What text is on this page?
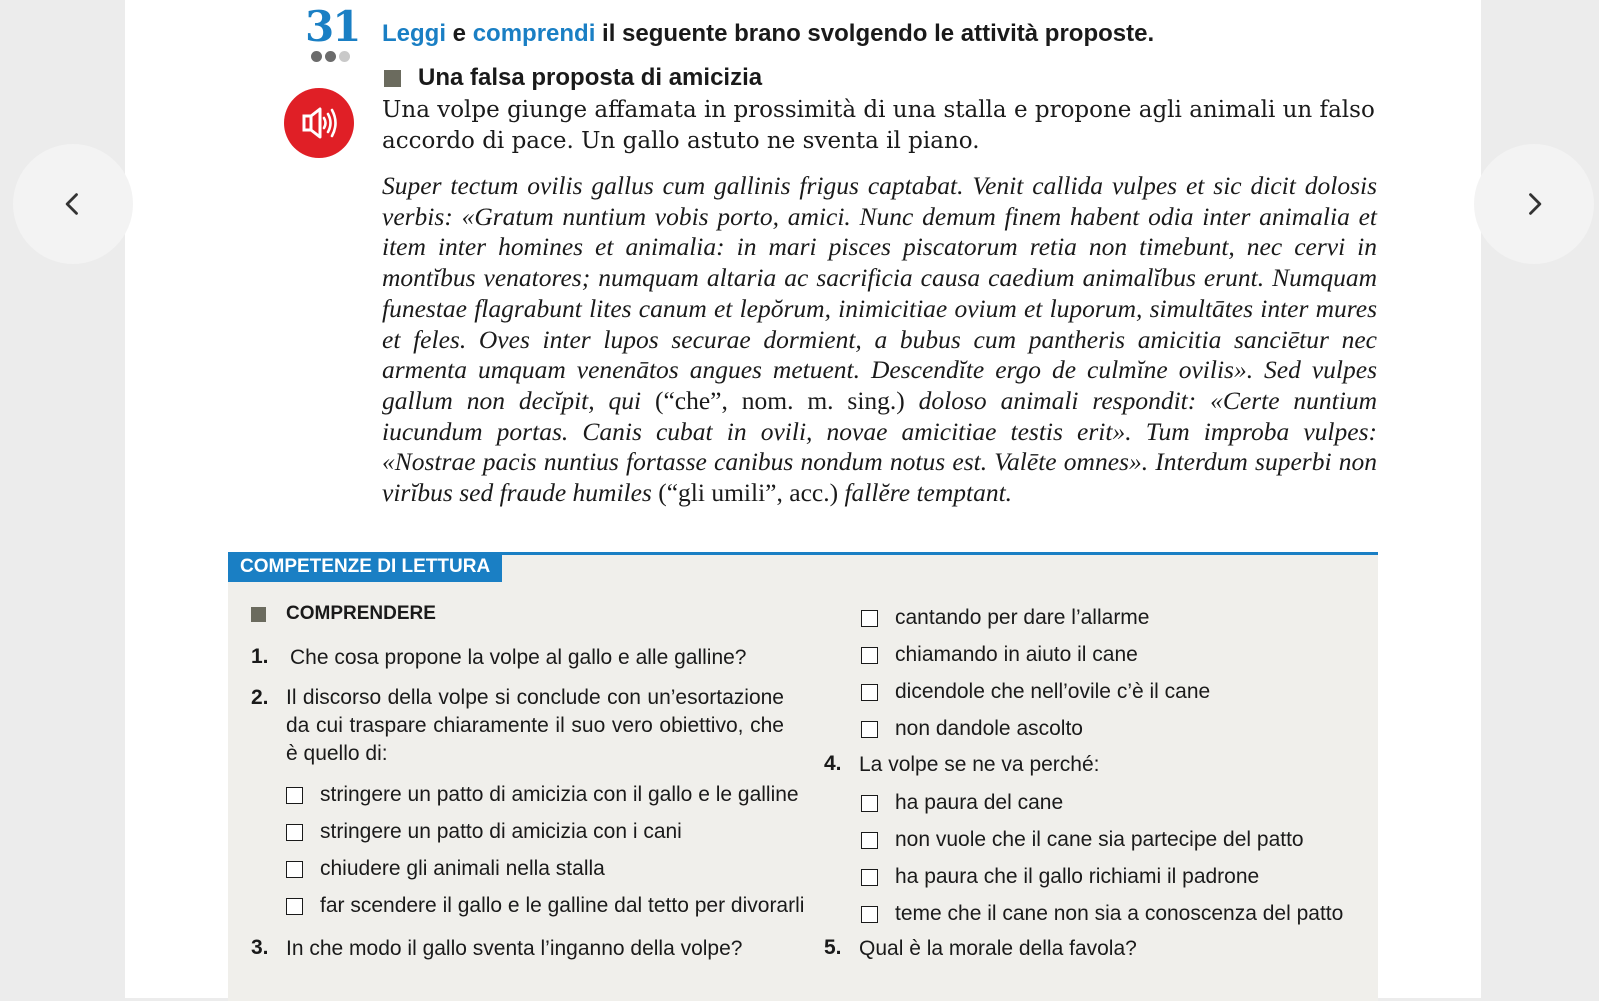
31 Leggi e comprendi il seguente brano svolgendo le attività proposte.
Una falsa proposta di amicizia
Una volpe giunge affamata in prossimità di una stalla e propone agli animali un falso accordo di pace. Un gallo astuto ne sventa il piano.
Super tectum ovilis gallus cum gallinis frigus captabat. Venit callida vulpes et sic dicit dolosis verbis: «Gratum nuntium vobis porto, amici. Nunc demum finem habent odia inter animalia et item inter homines et animalia: in mari pisces piscatorum retia non timebunt, nec cervi in montĭbus venatores; numquam altaria ac sacrificia causa caedium animalĭbus erunt. Numquam funestae flagrabunt lites canum et lepŏrum, inimicitiae ovium et luporum, simultātes inter mures et feles. Oves inter lupos securae dormient, a bubus cum pantheris amicitia sanciētur nec armenta umquam venenātos angues metuent. Descendĭte ergo de culmĭne ovilis». Sed vulpes gallum non decĭpit, qui (“che”, nom. m. sing.) doloso animali respondit: «Certe nuntium iucundum portas. Canis cubat in ovili, novae amicitiae testis erit». Tum improba vulpes: «Nostrae pacis nuntius fortasse canibus nondum notus est. Valēte omnes». Interdum superbi non virĭbus sed fraude humiles (“gli umili”, acc.) fallĕre temptant.
COMPETENZE DI LETTURA
COMPRENDERE
1. Che cosa propone la volpe al gallo e alle galline?
2. Il discorso della volpe si conclude con un’esortazione da cui traspare chiaramente il suo vero obiettivo, che è quello di:
stringere un patto di amicizia con il gallo e le galline
stringere un patto di amicizia con i cani
chiudere gli animali nella stalla
far scendere il gallo e le galline dal tetto per divorarli
3. In che modo il gallo sventa l’inganno della volpe?
cantando per dare l’allarme
chiamando in aiuto il cane
dicendole che nell’ovile c’è il cane
non dandole ascolto
4. La volpe se ne va perché:
ha paura del cane
non vuole che il cane sia partecipe del patto
ha paura che il gallo richiami il padrone
teme che il cane non sia a conoscenza del patto
5. Qual è la morale della favola?
